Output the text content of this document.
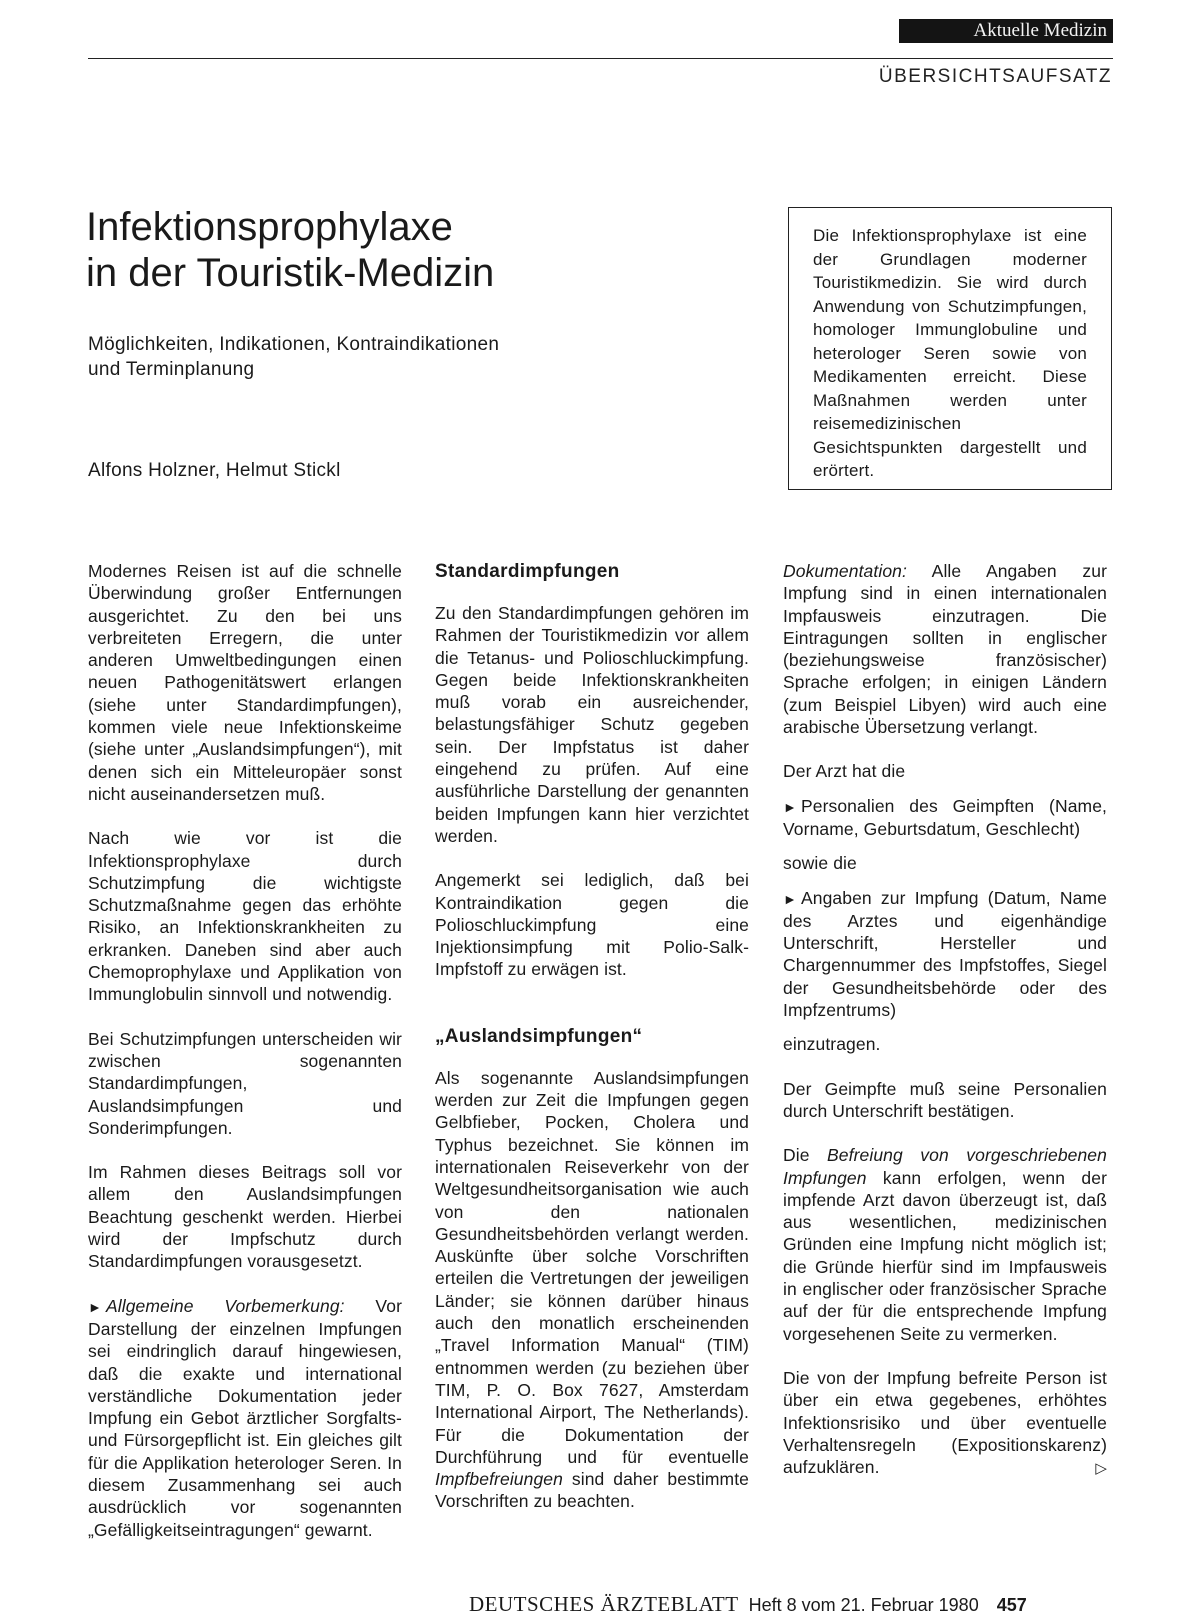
Aktuelle Medizin
ÜBERSICHTSAUFSATZ
Infektionsprophylaxe
in der Touristik-Medizin
Möglichkeiten, Indikationen, Kontraindikationen
und Terminplanung
Alfons Holzner, Helmut Stickl

Die Infektionsprophylaxe ist eine der Grundlagen moderner Touristikmedizin. Sie wird durch Anwendung von Schutzimpfungen, homologer Immunglobuline und heterologer Seren sowie von Medikamenten erreicht. Diese Maßnahmen werden unter reisemedizinischen Gesichtspunkten dargestellt und erörtert.

Modernes Reisen ist auf die schnelle Überwindung großer Entfernungen ausgerichtet. Zu den bei uns verbreiteten Erregern, die unter anderen Umweltbedingungen einen neuen Pathogenitätswert erlangen (siehe unter Standardimpfungen), kommen viele neue Infektionskeime (siehe unter „Auslandsimpfungen“), mit denen sich ein Mitteleuropäer sonst nicht auseinandersetzen muß.

Nach wie vor ist die Infektionsprophylaxe durch Schutzimpfung die wichtigste Schutzmaßnahme gegen das erhöhte Risiko, an Infektionskrankheiten zu erkranken. Daneben sind aber auch Chemoprophylaxe und Applikation von Immunglobulin sinnvoll und notwendig.

Bei Schutzimpfungen unterscheiden wir zwischen sogenannten Standardimpfungen, Auslandsimpfungen und Sonderimpfungen.

Im Rahmen dieses Beitrags soll vor allem den Auslandsimpfungen Beachtung geschenkt werden. Hierbei wird der Impfschutz durch Standardimpfungen vorausgesetzt.

► Allgemeine Vorbemerkung: Vor Darstellung der einzelnen Impfungen sei eindringlich darauf hingewiesen, daß die exakte und international verständliche Dokumentation jeder Impfung ein Gebot ärztlicher Sorgfalts- und Fürsorgepflicht ist. Ein gleiches gilt für die Applikation heterologer Seren. In diesem Zusammenhang sei auch ausdrücklich vor sogenannten „Gefälligkeitseintragungen“ gewarnt.

Standardimpfungen

Zu den Standardimpfungen gehören im Rahmen der Touristikmedizin vor allem die Tetanus- und Polioschluckimpfung. Gegen beide Infektionskrankheiten muß vorab ein ausreichender, belastungsfähiger Schutz gegeben sein. Der Impfstatus ist daher eingehend zu prüfen. Auf eine ausführliche Darstellung der genannten beiden Impfungen kann hier verzichtet werden.

Angemerkt sei lediglich, daß bei Kontraindikation gegen die Polioschluckimpfung eine Injektionsimpfung mit Polio-Salk-Impfstoff zu erwägen ist.

„Auslandsimpfungen“

Als sogenannte Auslandsimpfungen werden zur Zeit die Impfungen gegen Gelbfieber, Pocken, Cholera und Typhus bezeichnet. Sie können im internationalen Reiseverkehr von der Weltgesundheitsorganisation wie auch von den nationalen Gesundheitsbehörden verlangt werden. Auskünfte über solche Vorschriften erteilen die Vertretungen der jeweiligen Länder; sie können darüber hinaus auch den monatlich erscheinenden „Travel Information Manual“ (TIM) entnommen werden (zu beziehen über TIM, P. O. Box 7627, Amsterdam International Airport, The Netherlands). Für die Dokumentation der Durchführung und für eventuelle Impfbefreiungen sind daher bestimmte Vorschriften zu beachten.

Dokumentation: Alle Angaben zur Impfung sind in einen internationalen Impfausweis einzutragen. Die Eintragungen sollten in englischer (beziehungsweise französischer) Sprache erfolgen; in einigen Ländern (zum Beispiel Libyen) wird auch eine arabische Übersetzung verlangt.

Der Arzt hat die

► Personalien des Geimpften (Name, Vorname, Geburtsdatum, Geschlecht)

sowie die

► Angaben zur Impfung (Datum, Name des Arztes und eigenhändige Unterschrift, Hersteller und Chargennummer des Impfstoffes, Siegel der Gesundheitsbehörde oder des Impfzentrums)

einzutragen.

Der Geimpfte muß seine Personalien durch Unterschrift bestätigen.

Die Befreiung von vorgeschriebenen Impfungen kann erfolgen, wenn der impfende Arzt davon überzeugt ist, daß aus wesentlichen, medizinischen Gründen eine Impfung nicht möglich ist; die Gründe hierfür sind im Impfausweis in englischer oder französischer Sprache auf der für die entsprechende Impfung vorgesehenen Seite zu vermerken.

Die von der Impfung befreite Person ist über ein etwa gegebenes, erhöhtes Infektionsrisiko und über eventuelle Verhaltensregeln (Expositionskarenz) aufzuklären.	▷

DEUTSCHES ÄRZTEBLATT Heft 8 vom 21. Februar 1980 457
